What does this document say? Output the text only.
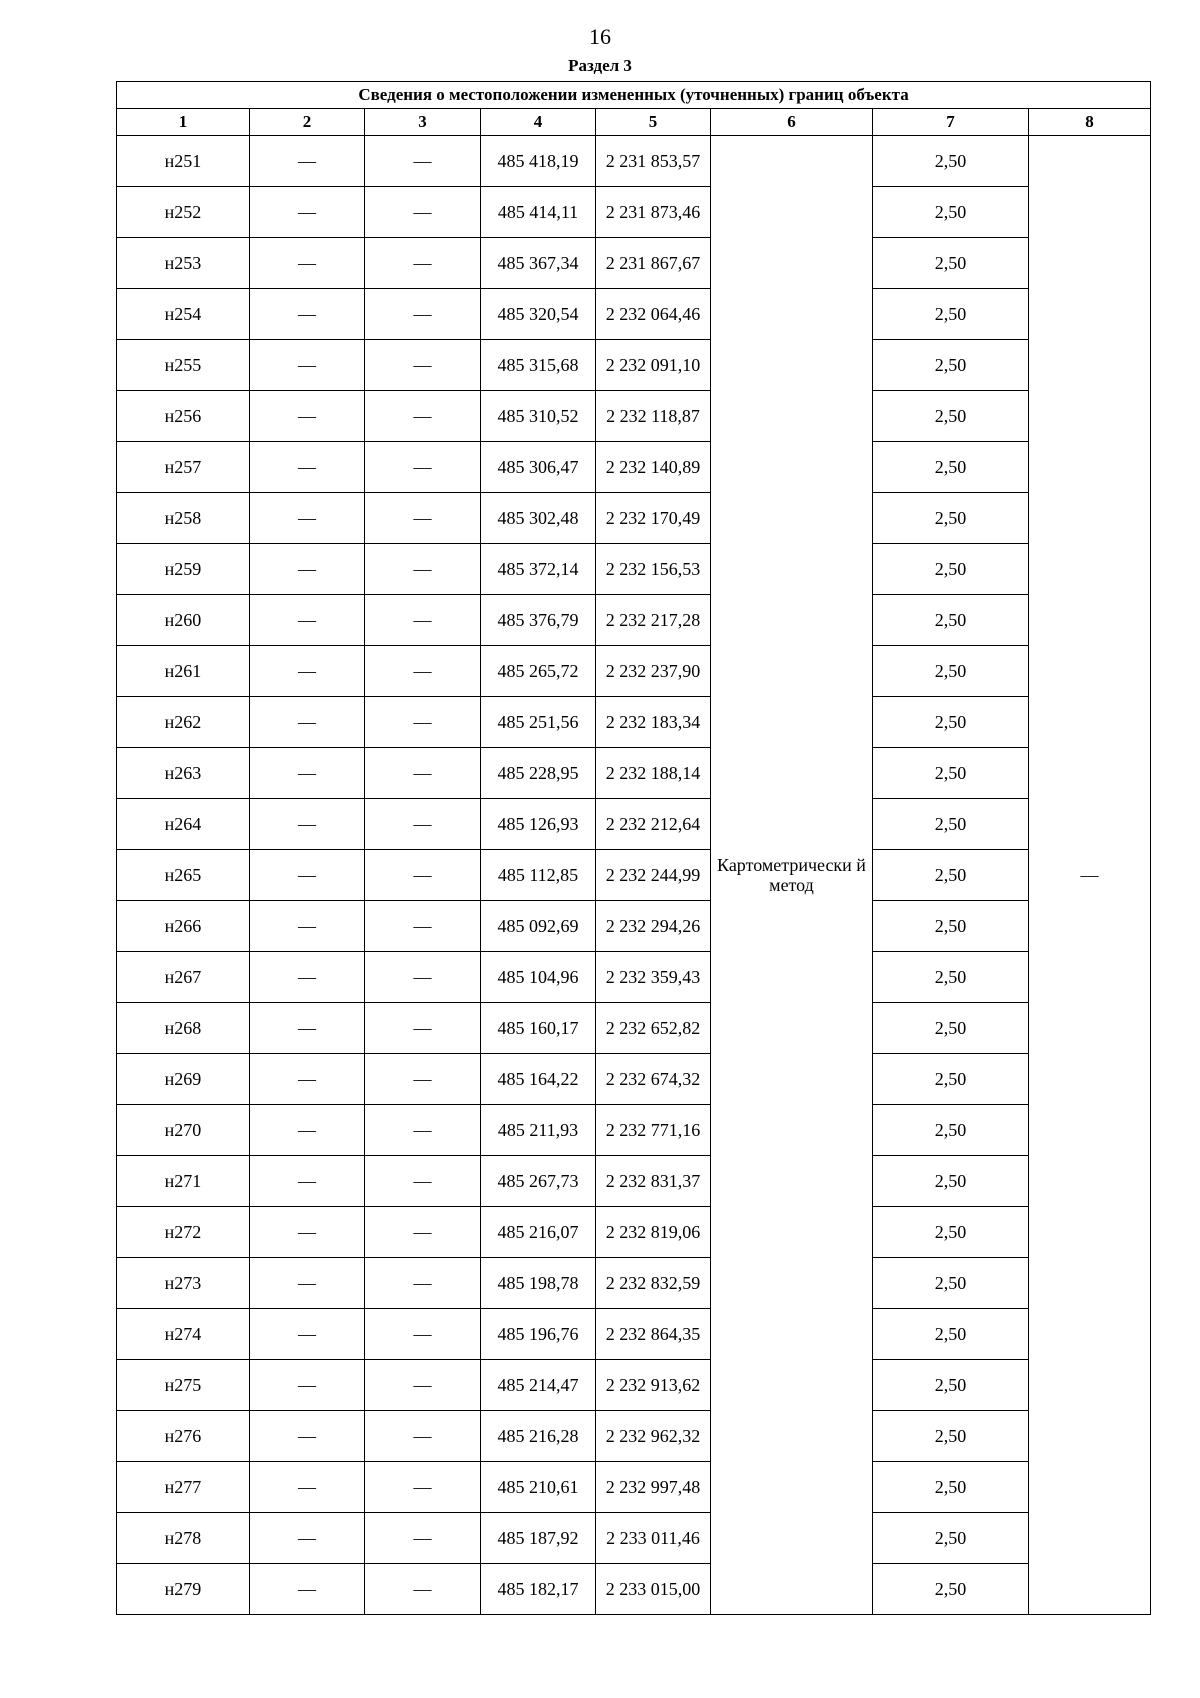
16
Раздел 3
Сведения о местоположении измененных (уточненных) границ объекта							
1	2	3	4	5	6	7	8
н251	—	—	485 418,19	2 231 853,57	Картометрически й метод	2,50	—
н252	—	—	485 414,11	2 231 873,46		2,50	
н253	—	—	485 367,34	2 231 867,67		2,50	
н254	—	—	485 320,54	2 232 064,46		2,50	
н255	—	—	485 315,68	2 232 091,10		2,50	
н256	—	—	485 310,52	2 232 118,87		2,50	
н257	—	—	485 306,47	2 232 140,89		2,50	
н258	—	—	485 302,48	2 232 170,49		2,50	
н259	—	—	485 372,14	2 232 156,53		2,50	
н260	—	—	485 376,79	2 232 217,28		2,50	
н261	—	—	485 265,72	2 232 237,90		2,50	
н262	—	—	485 251,56	2 232 183,34		2,50	
н263	—	—	485 228,95	2 232 188,14		2,50	
н264	—	—	485 126,93	2 232 212,64		2,50	
н265	—	—	485 112,85	2 232 244,99		2,50	
н266	—	—	485 092,69	2 232 294,26		2,50	
н267	—	—	485 104,96	2 232 359,43		2,50	
н268	—	—	485 160,17	2 232 652,82		2,50	
н269	—	—	485 164,22	2 232 674,32		2,50	
н270	—	—	485 211,93	2 232 771,16		2,50	
н271	—	—	485 267,73	2 232 831,37		2,50	
н272	—	—	485 216,07	2 232 819,06		2,50	
н273	—	—	485 198,78	2 232 832,59		2,50	
н274	—	—	485 196,76	2 232 864,35		2,50	
н275	—	—	485 214,47	2 232 913,62		2,50	
н276	—	—	485 216,28	2 232 962,32		2,50	
н277	—	—	485 210,61	2 232 997,48		2,50	
н278	—	—	485 187,92	2 233 011,46		2,50	
н279	—	—	485 182,17	2 233 015,00		2,50	
